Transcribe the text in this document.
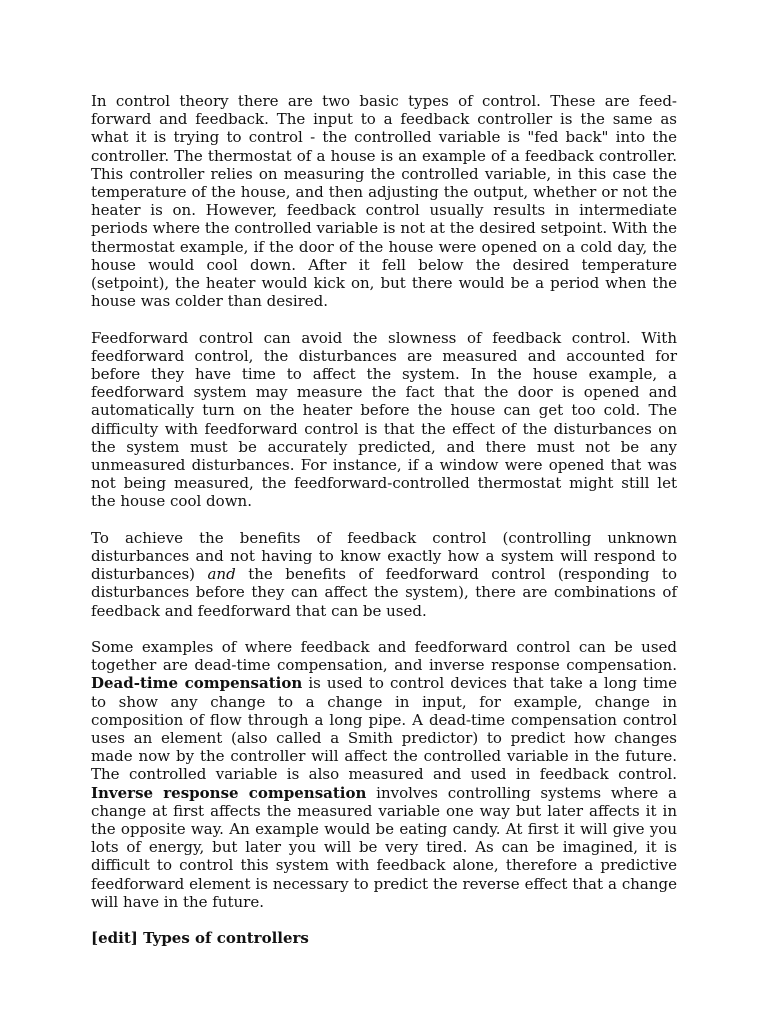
In control theory there are two basic types of control. These are feed-forward and feedback. The input to a feedback controller is the same as what it is trying to control - the controlled variable is "fed back" into the controller. The thermostat of a house is an example of a feedback controller. This controller relies on measuring the controlled variable, in this case the temperature of the house, and then adjusting the output, whether or not the heater is on. However, feedback control usually results in intermediate periods where the controlled variable is not at the desired setpoint. With the thermostat example, if the door of the house were opened on a cold day, the house would cool down. After it fell below the desired temperature (setpoint), the heater would kick on, but there would be a period when the house was colder than desired.

Feedforward control can avoid the slowness of feedback control. With feedforward control, the disturbances are measured and accounted for before they have time to affect the system. In the house example, a feedforward system may measure the fact that the door is opened and automatically turn on the heater before the house can get too cold. The difficulty with feedforward control is that the effect of the disturbances on the system must be accurately predicted, and there must not be any unmeasured disturbances. For instance, if a window were opened that was not being measured, the feedforward-controlled thermostat might still let the house cool down.

To achieve the benefits of feedback control (controlling unknown disturbances and not having to know exactly how a system will respond to disturbances) and the benefits of feedforward control (responding to disturbances before they can affect the system), there are combinations of feedback and feedforward that can be used.

Some examples of where feedback and feedforward control can be used together are dead-time compensation, and inverse response compensation. Dead-time compensation is used to control devices that take a long time to show any change to a change in input, for example, change in composition of flow through a long pipe. A dead-time compensation control uses an element (also called a Smith predictor) to predict how changes made now by the controller will affect the controlled variable in the future. The controlled variable is also measured and used in feedback control. Inverse response compensation involves controlling systems where a change at first affects the measured variable one way but later affects it in the opposite way. An example would be eating candy. At first it will give you lots of energy, but later you will be very tired. As can be imagined, it is difficult to control this system with feedback alone, therefore a predictive feedforward element is necessary to predict the reverse effect that a change will have in the future.

[edit] Types of controllers
